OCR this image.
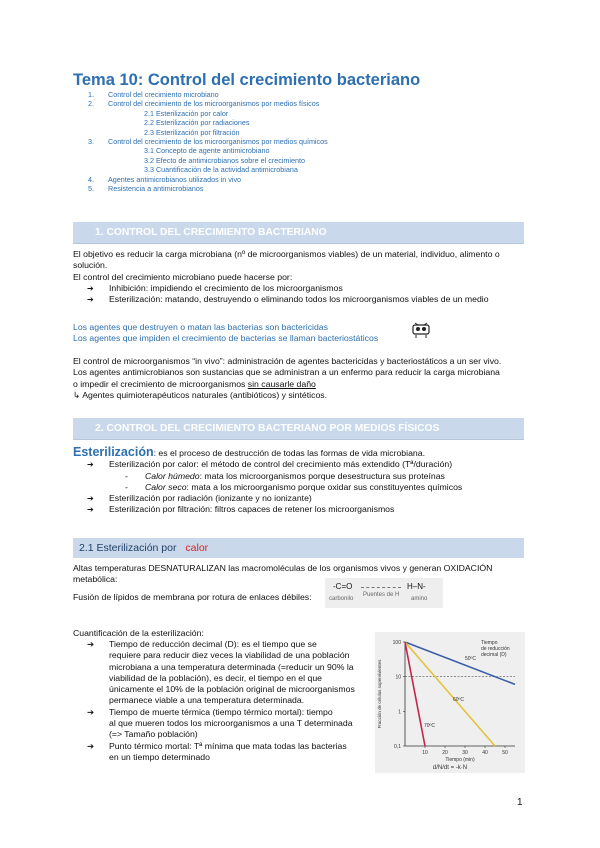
Tema 10: Control del crecimiento bacteriano
1. Control del crecimiento microbiano
2. Control del crecimiento de los microorganismos por medios físicos
2.1 Esterilización por calor
2.2 Esterilización por radiaciones
2.3 Esterilización por filtración
3. Control del crecimiento de los microorganismos por medios químicos
3.1 Concepto de agente antimicrobiano
3.2 Efecto de antimicrobianos sobre el crecimiento
3.3 Cuantificación de la actividad antimicrobiana
4. Agentes antimicrobianos utilizados in vivo
5. Resistencia a antimicrobianos
1. CONTROL DEL CRECIMIENTO BACTERIANO
El objetivo es reducir la carga microbiana (nº de microorganismos viables) de un material, individuo, alimento o
solución.
El control del crecimiento microbiano puede hacerse por:
➔ Inhibición: impidiendo el crecimiento de los microorganismos
➔ Esterilización: matando, destruyendo o eliminando todos los microorganismos viables de un medio
Los agentes que destruyen o matan las bacterias son bactericidas
Los agentes que impiden el crecimiento de bacterias se llaman bacteriostáticos
El control de microorganismos “in vivo”: administración de agentes bactericidas y bacteriostáticos a un ser vivo.
Los agentes antimicrobianos son sustancias que se administran a un enfermo para reducir la carga microbiana
o impedir el crecimiento de microorganismos sin causarle daño
↳ Agentes quimioterapéuticos naturales (antibióticos) y sintéticos.
2. CONTROL DEL CRECIMIENTO BACTERIANO POR MEDIOS FÍSICOS
Esterilización: es el proceso de destrucción de todas las formas de vida microbiana.
➔ Esterilización por calor: el método de control del crecimiento más extendido (Tª/duración)
- Calor húmedo: mata los microorganismos porque desestructura sus proteínas
- Calor seco: mata a los microorganismo porque oxidar sus constituyentes químicos
➔ Esterilización por radiación (ionizante y no ionizante)
➔ Esterilización por filtración: filtros capaces de retener los microorganismos
2.1 Esterilización por calor
Altas temperaturas DESNATURALIZAN las macromoléculas de los organismos vivos y generan OXIDACIÓN
metabólica:
Fusión de lípidos de membrana por rotura de enlaces débiles:
-C=O	H–N-
carbonilo
Puentes de H
amino
Cuantificación de la esterilización:
➔ Tiempo de reducción decimal (D): es el tiempo que se
requiere para reducir diez veces la viabilidad de una población
microbiana a una temperatura determinada (=reducir un 90% la
viabilidad de la población), es decir, el tiempo en el que
únicamente el 10% de la población original de microorganismos
permanece viable a una temperatura determinada.
➔ Tiempo de muerte térmica (tiempo térmico mortal): tiempo
al que mueren todos los microorganismos a una T determinada
(=> Tamaño población)
➔ Punto térmico mortal: Tª mínima que mata todas las bacterias
en un tiempo determinado
100
10
1
0,1
10	20	30	40	50
50ºC
60ºC
70ºC
Tiempo
de reducción
decimal (D)
Tiempo (min)
Fracción de células supervivientes
d/N/dt = -k·N
1
